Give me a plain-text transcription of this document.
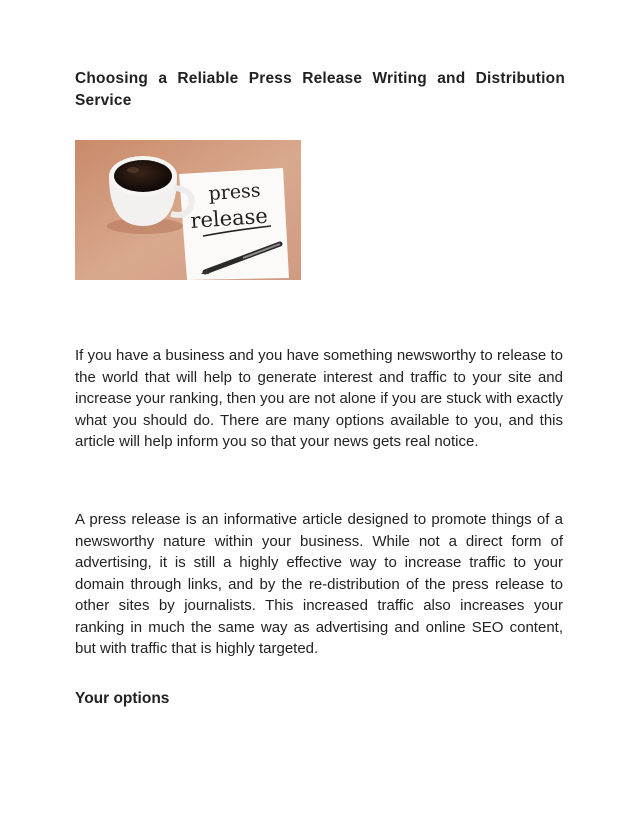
Choosing a Reliable Press Release Writing and Distribution Service
press
release

If you have a business and you have something newsworthy to release to the world that will help to generate interest and traffic to your site and increase your ranking, then you are not alone if you are stuck with exactly what you should do. There are many options available to you, and this article will help inform you so that your news gets real notice.

A press release is an informative article designed to promote things of a newsworthy nature within your business. While not a direct form of advertising, it is still a highly effective way to increase traffic to your domain through links, and by the re-distribution of the press release to other sites by journalists. This increased traffic also increases your ranking in much the same way as advertising and online SEO content, but with traffic that is highly targeted.

Your options
